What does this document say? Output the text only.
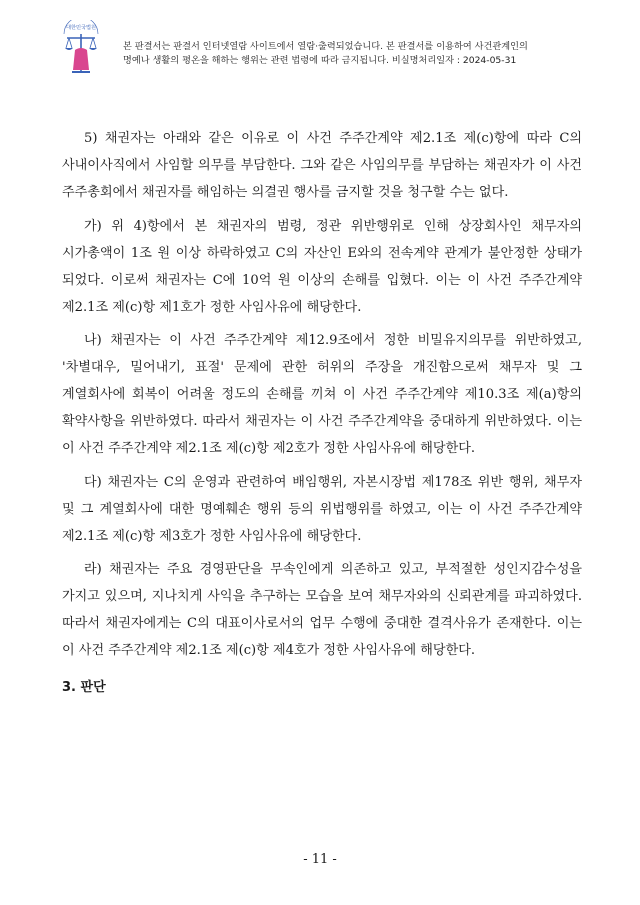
대한민국법원
본 판결서는 판결서 인터넷열람 사이트에서 열람·출력되었습니다. 본 판결서를 이용하여 사건관계인의
명예나 생활의 평온을 해하는 행위는 관련 법령에 따라 금지됩니다. 비실명처리일자 : 2024-05-31

5) 채권자는 아래와 같은 이유로 이 사건 주주간계약 제2.1조 제(c)항에 따라 C의 사내이사직에서 사임할 의무를 부담한다. 그와 같은 사임의무를 부담하는 채권자가 이 사건 주주총회에서 채권자를 해임하는 의결권 행사를 금지할 것을 청구할 수는 없다.

가) 위 4)항에서 본 채권자의 범령, 정관 위반행위로 인해 상장회사인 채무자의 시가총액이 1조 원 이상 하락하였고 C의 자산인 E와의 전속계약 관계가 불안정한 상태가 되었다. 이로써 채권자는 C에 10억 원 이상의 손해를 입혔다. 이는 이 사건 주주간계약 제2.1조 제(c)항 제1호가 정한 사임사유에 해당한다.

나) 채권자는 이 사건 주주간계약 제12.9조에서 정한 비밀유지의무를 위반하였고, '차별대우, 밀어내기, 표절' 문제에 관한 허위의 주장을 개진함으로써 채무자 및 그 계열회사에 회복이 어려울 정도의 손해를 끼쳐 이 사건 주주간계약 제10.3조 제(a)항의 확약사항을 위반하였다. 따라서 채권자는 이 사건 주주간계약을 중대하게 위반하였다. 이는 이 사건 주주간계약 제2.1조 제(c)항 제2호가 정한 사임사유에 해당한다.

다) 채권자는 C의 운영과 관련하여 배임행위, 자본시장법 제178조 위반 행위, 채무자 및 그 계열회사에 대한 명예훼손 행위 등의 위법행위를 하였고, 이는 이 사건 주주간계약 제2.1조 제(c)항 제3호가 정한 사임사유에 해당한다.

라) 채권자는 주요 경영판단을 무속인에게 의존하고 있고, 부적절한 성인지감수성을 가지고 있으며, 지나치게 사익을 추구하는 모습을 보여 채무자와의 신뢰관계를 파괴하였다. 따라서 채권자에게는 C의 대표이사로서의 업무 수행에 중대한 결격사유가 존재한다. 이는 이 사건 주주간계약 제2.1조 제(c)항 제4호가 정한 사임사유에 해당한다.

3. 판단
- 11 -
